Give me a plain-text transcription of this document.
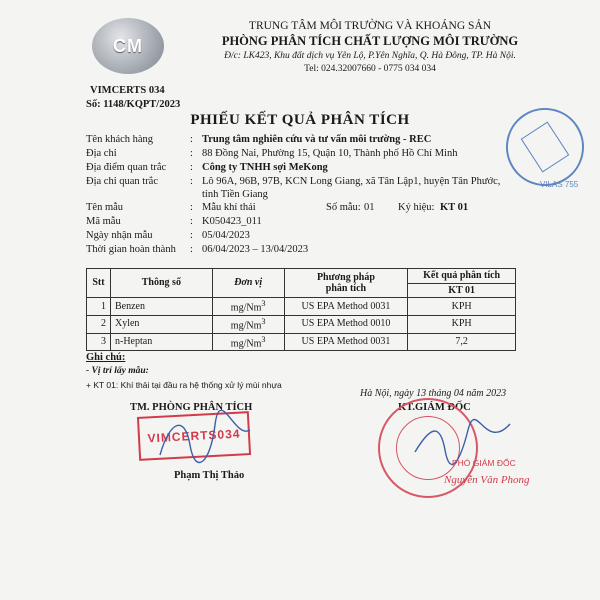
CM
TRUNG TÂM MÔI TRƯỜNG VÀ KHOÁNG SẢN
PHÒNG PHÂN TÍCH CHẤT LƯỢNG MÔI TRƯỜNG
Đ/c: LK423, Khu đất dịch vụ Yên Lộ, P.Yên Nghĩa, Q. Hà Đông, TP. Hà Nội.
Tel: 024.32007660 - 0775 034 034
VIMCERTS 034
Số: 1148/KQPT/2023
VILAS 755
PHIẾU KẾT QUẢ PHÂN TÍCH
Tên khách hàng	: Trung tâm nghiên cứu và tư vấn môi trường - REC
Địa chỉ	: 88 Đồng Nai, Phường 15, Quận 10, Thành phố Hồ Chí Minh
Địa điểm quan trắc : Công ty TNHH sợi MeKong
Địa chỉ quan trắc	: Lô 96A, 96B, 97B, KCN Long Giang, xã Tân Lập1, huyện Tân Phước,
tỉnh Tiền Giang
Tên mẫu	: Mẫu khí thải	Số mẫu: 01 Ký hiệu: KT 01
Mã mẫu	: K050423_011
Ngày nhận mẫu	: 05/04/2023
Thời gian hoàn thành : 06/04/2023 – 13/04/2023
Stt	Thông số	Đơn vị	Phương pháp
phân tích	Kết quả phân tích
				KT 01
1	Benzen	mg/Nm$^3$	US EPA Method 0031	KPH
2	Xylen	mg/Nm$^3$	US EPA Method 0010	KPH
3	n-Heptan	mg/Nm$^3$	US EPA Method 0031	7,2
Ghi chú:
- Vị trí lấy mẫu:
+ KT 01: Khí thải tại đầu ra hệ thống xử lý mùi nhựa
Hà Nội, ngày 13 tháng 04 năm 2023
TM. PHÒNG PHÂN TÍCH	KT.GIÁM ĐỐC
VIMCERTS034
Phạm Thị Thảo
PHÓ GIÁM ĐỐC
Nguyễn Văn Phong
